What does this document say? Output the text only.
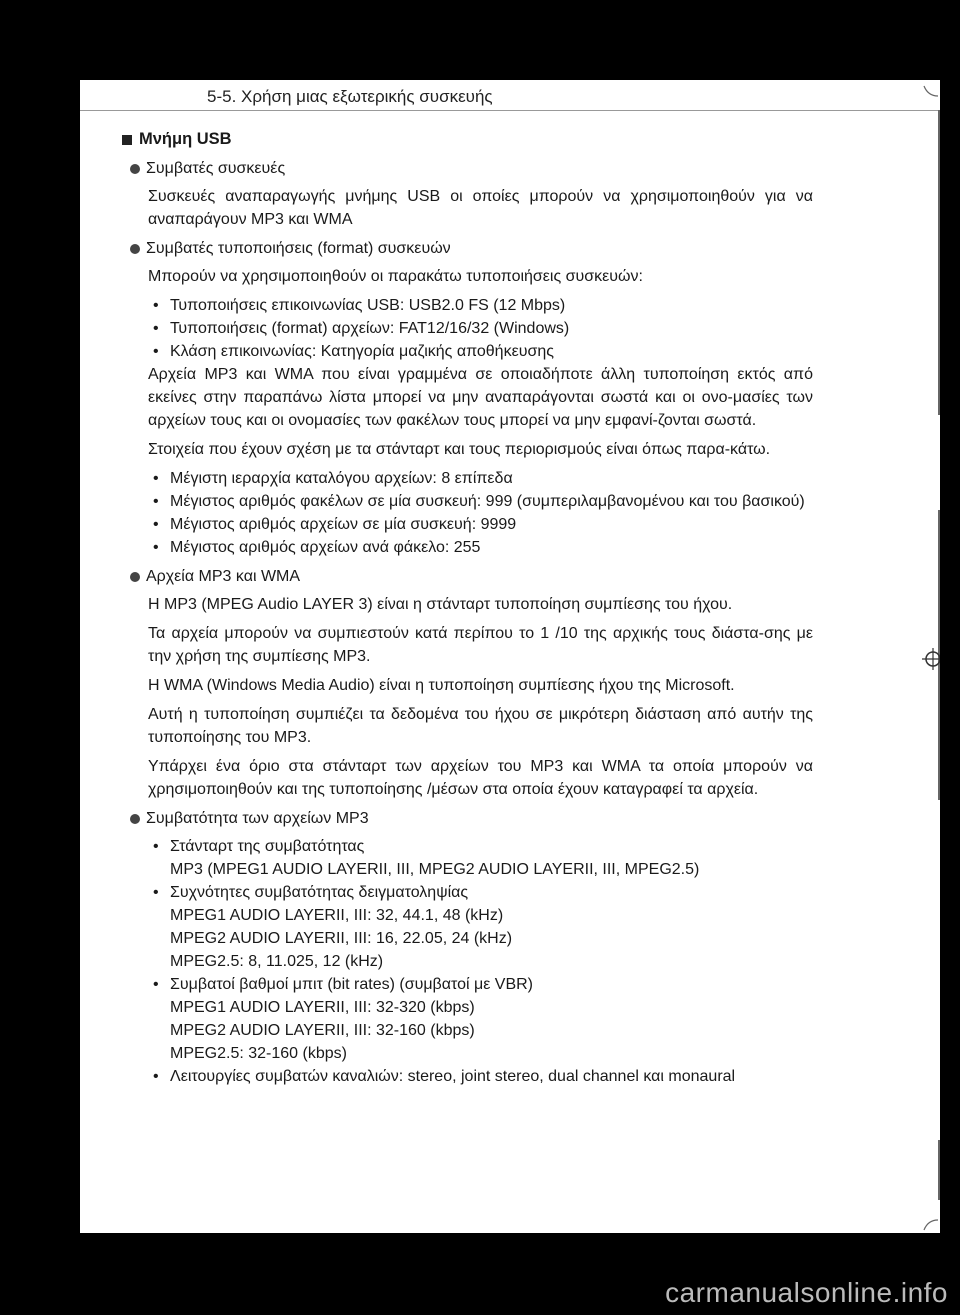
5-5. Χρήση μιας εξωτερικής συσκευής
Μνήμη USB
Συμβατές συσκευές
Συσκευές αναπαραγωγής μνήμης USB οι οποίες μπορούν να χρησιμοποιηθούν για να αναπαράγουν MP3 και WMA
Συμβατές τυποποιήσεις (format) συσκευών
Μπορούν να χρησιμοποιηθούν οι παρακάτω τυποποιήσεις συσκευών:
• Τυποποιήσεις επικοινωνίας USB: USB2.0 FS (12 Mbps)
• Τυποποιήσεις (format) αρχείων: FAT12/16/32 (Windows)
• Κλάση επικοινωνίας: Κατηγορία μαζικής αποθήκευσης
Αρχεία MP3 και WMA που είναι γραμμένα σε οποιαδήποτε άλλη τυποποίηση εκτός από εκείνες στην παραπάνω λίστα μπορεί να μην αναπαράγονται σωστά και οι ονο-μασίες των αρχείων τους και οι ονομασίες των φακέλων τους μπορεί να μην εμφανί-ζονται σωστά.
Στοιχεία που έχουν σχέση με τα στάνταρτ και τους περιορισμούς είναι όπως παρα-κάτω.
• Μέγιστη ιεραρχία καταλόγου αρχείων: 8 επίπεδα
• Μέγιστος αριθμός φακέλων σε μία συσκευή: 999 (συμπεριλαμβανομένου και του βασικού)
• Μέγιστος αριθμός αρχείων σε μία συσκευή: 9999
• Μέγιστος αριθμός αρχείων ανά φάκελο: 255
Αρχεία MP3 και WMA
Η MP3 (MPEG Audio LAYER 3) είναι η στάνταρτ τυποποίηση συμπίεσης του ήχου.
Τα αρχεία μπορούν να συμπιεστούν κατά περίπου το 1 /10 της αρχικής τους διάστα-σης με την χρήση της συμπίεσης MP3.
Η WMA (Windows Media Audio) είναι η τυποποίηση συμπίεσης ήχου της Microsoft.
Αυτή η τυποποίηση συμπιέζει τα δεδομένα του ήχου σε μικρότερη διάσταση από αυτήν της τυποποίησης του MP3.
Υπάρχει ένα όριο στα στάνταρτ των αρχείων του MP3 και WMA τα οποία μπορούν να χρησιμοποιηθούν και της τυποποίησης /μέσων στα οποία έχουν καταγραφεί τα αρχεία.
Συμβατότητα των αρχείων MP3
• Στάνταρτ της συμβατότητας
MP3 (MPEG1 AUDIO LAYERII, III, MPEG2 AUDIO LAYERII, III, MPEG2.5)
• Συχνότητες συμβατότητας δειγματοληψίας
MPEG1 AUDIO LAYERII, III: 32, 44.1, 48 (kHz)
MPEG2 AUDIO LAYERII, III: 16, 22.05, 24 (kHz)
MPEG2.5: 8, 11.025, 12 (kHz)
• Συμβατοί βαθμοί μπιτ (bit rates) (συμβατοί με VBR)
MPEG1 AUDIO LAYERII, III: 32-320 (kbps)
MPEG2 AUDIO LAYERII, III: 32-160 (kbps)
MPEG2.5: 32-160 (kbps)
• Λειτουργίες συμβατών καναλιών: stereo, joint stereo, dual channel και monaural
carmanualsonline.info
